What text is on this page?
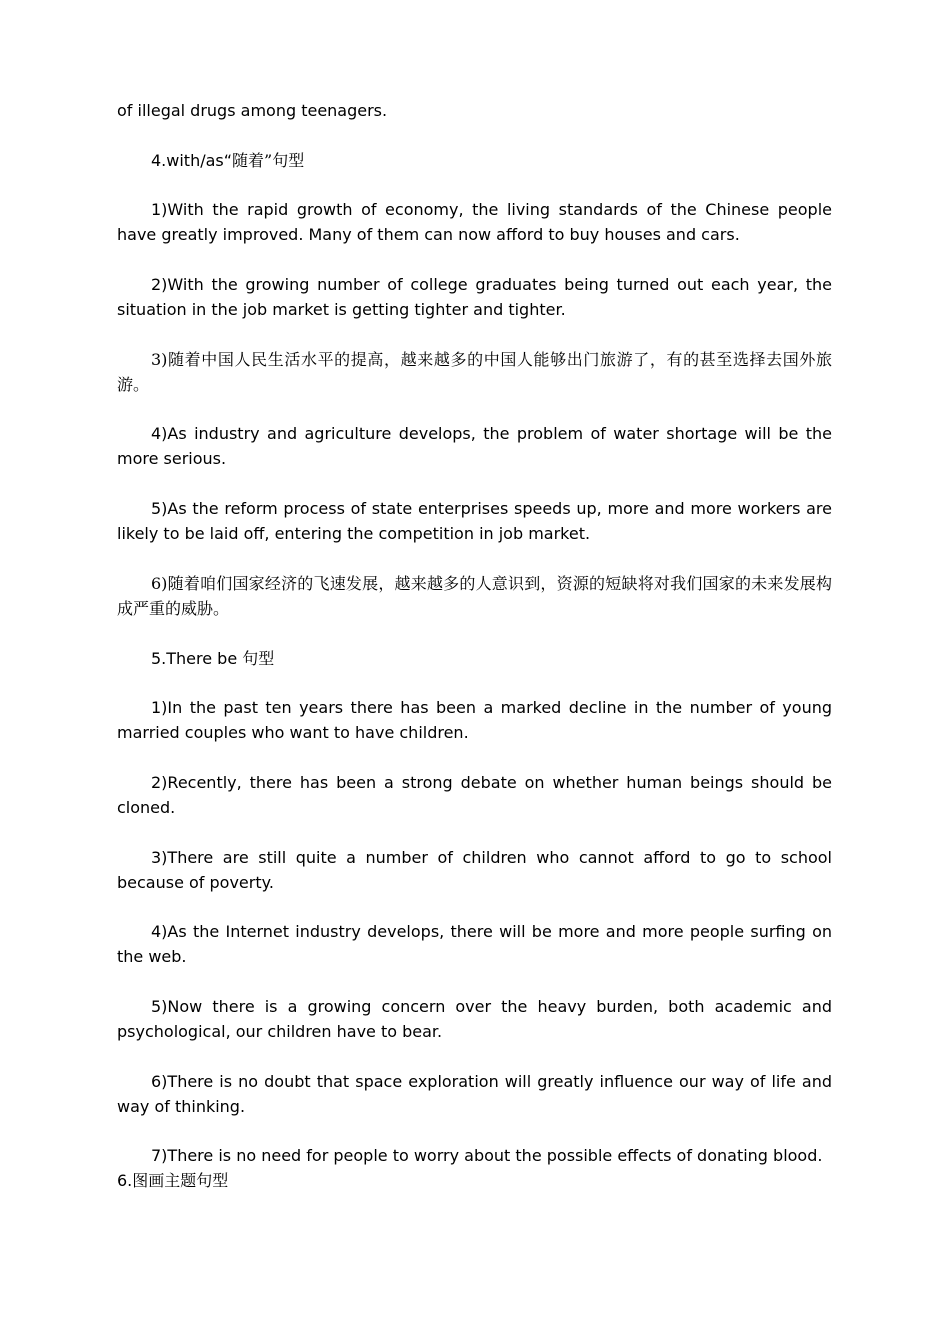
of illegal drugs among teenagers.

4.with/as“随着”句型

1)With the rapid growth of economy, the living standards of the Chinese people have greatly improved. Many of them can now afford to buy houses and cars.

2)With the growing number of college graduates being turned out each year, the situation in the job market is getting tighter and tighter.

3)随着中国人民生活水平的提高，越来越多的中国人能够出门旅游了，有的甚至选择去国外旅游。

4)As industry and agriculture develops, the problem of water shortage will be the more serious.

5)As the reform process of state enterprises speeds up, more and more workers are likely to be laid off, entering the competition in job market.

6)随着咱们国家经济的飞速发展，越来越多的人意识到，资源的短缺将对我们国家的未来发展构成严重的威胁。

5.There be 句型

1)In the past ten years there has been a marked decline in the number of young married couples who want to have children.

2)Recently, there has been a strong debate on whether human beings should be cloned.

3)There are still quite a number of children who cannot afford to go to school because of poverty.

4)As the Internet industry develops, there will be more and more people surfing on the web.

5)Now there is a growing concern over the heavy burden, both academic and psychological, our children have to bear.

6)There is no doubt that space exploration will greatly influence our way of life and way of thinking.

7)There is no need for people to worry about the possible effects of donating blood.

6.图画主题句型
